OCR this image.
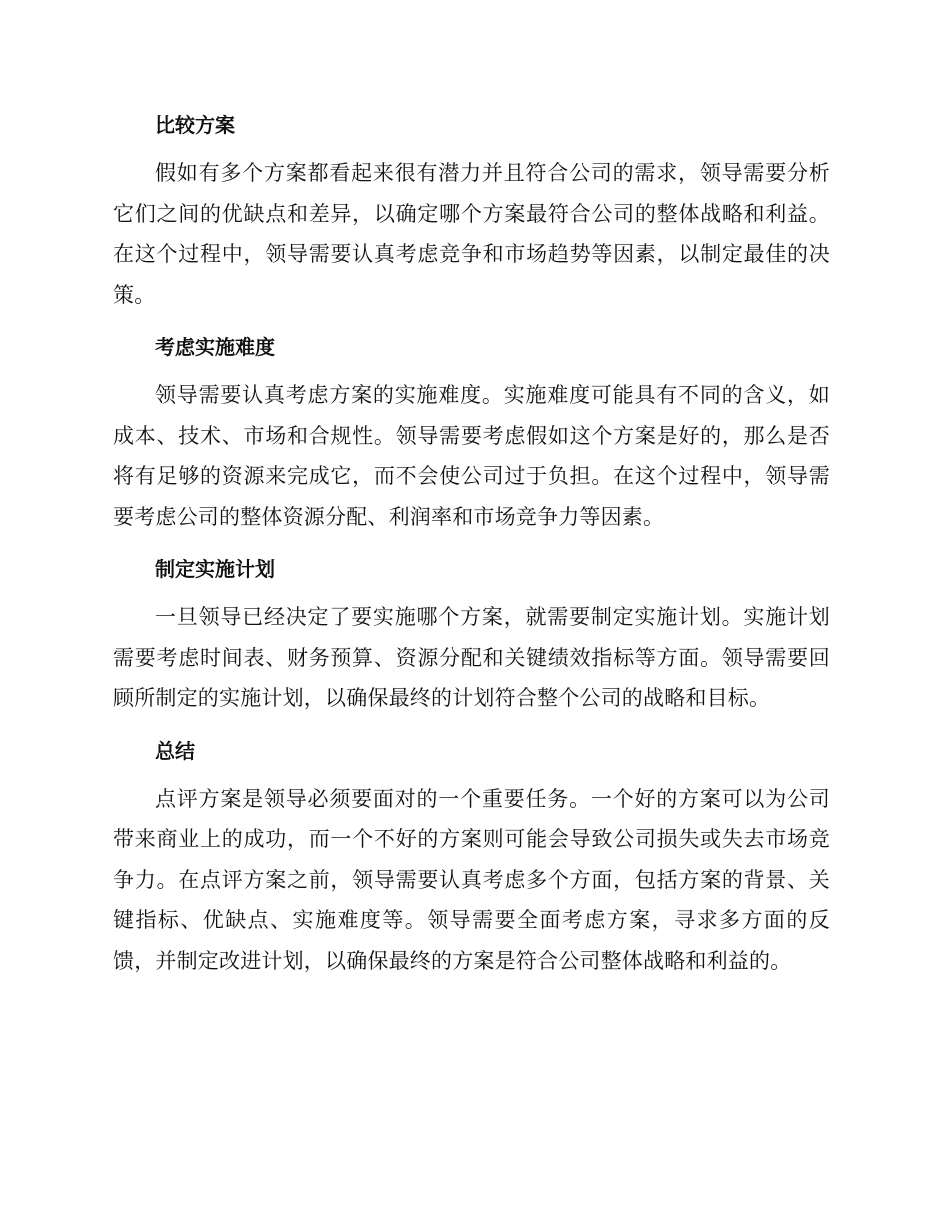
比较方案

假如有多个方案都看起来很有潜力并且符合公司的需求，领导需要分析它们之间的优缺点和差异，以确定哪个方案最符合公司的整体战略和利益。在这个过程中，领导需要认真考虑竞争和市场趋势等因素，以制定最佳的决策。

考虑实施难度

领导需要认真考虑方案的实施难度。实施难度可能具有不同的含义，如成本、技术、市场和合规性。领导需要考虑假如这个方案是好的，那么是否将有足够的资源来完成它，而不会使公司过于负担。在这个过程中，领导需要考虑公司的整体资源分配、利润率和市场竞争力等因素。

制定实施计划

一旦领导已经决定了要实施哪个方案，就需要制定实施计划。实施计划需要考虑时间表、财务预算、资源分配和关键绩效指标等方面。领导需要回顾所制定的实施计划，以确保最终的计划符合整个公司的战略和目标。

总结

点评方案是领导必须要面对的一个重要任务。一个好的方案可以为公司带来商业上的成功，而一个不好的方案则可能会导致公司损失或失去市场竞争力。在点评方案之前，领导需要认真考虑多个方面，包括方案的背景、关键指标、优缺点、实施难度等。领导需要全面考虑方案，寻求多方面的反馈，并制定改进计划，以确保最终的方案是符合公司整体战略和利益的。
